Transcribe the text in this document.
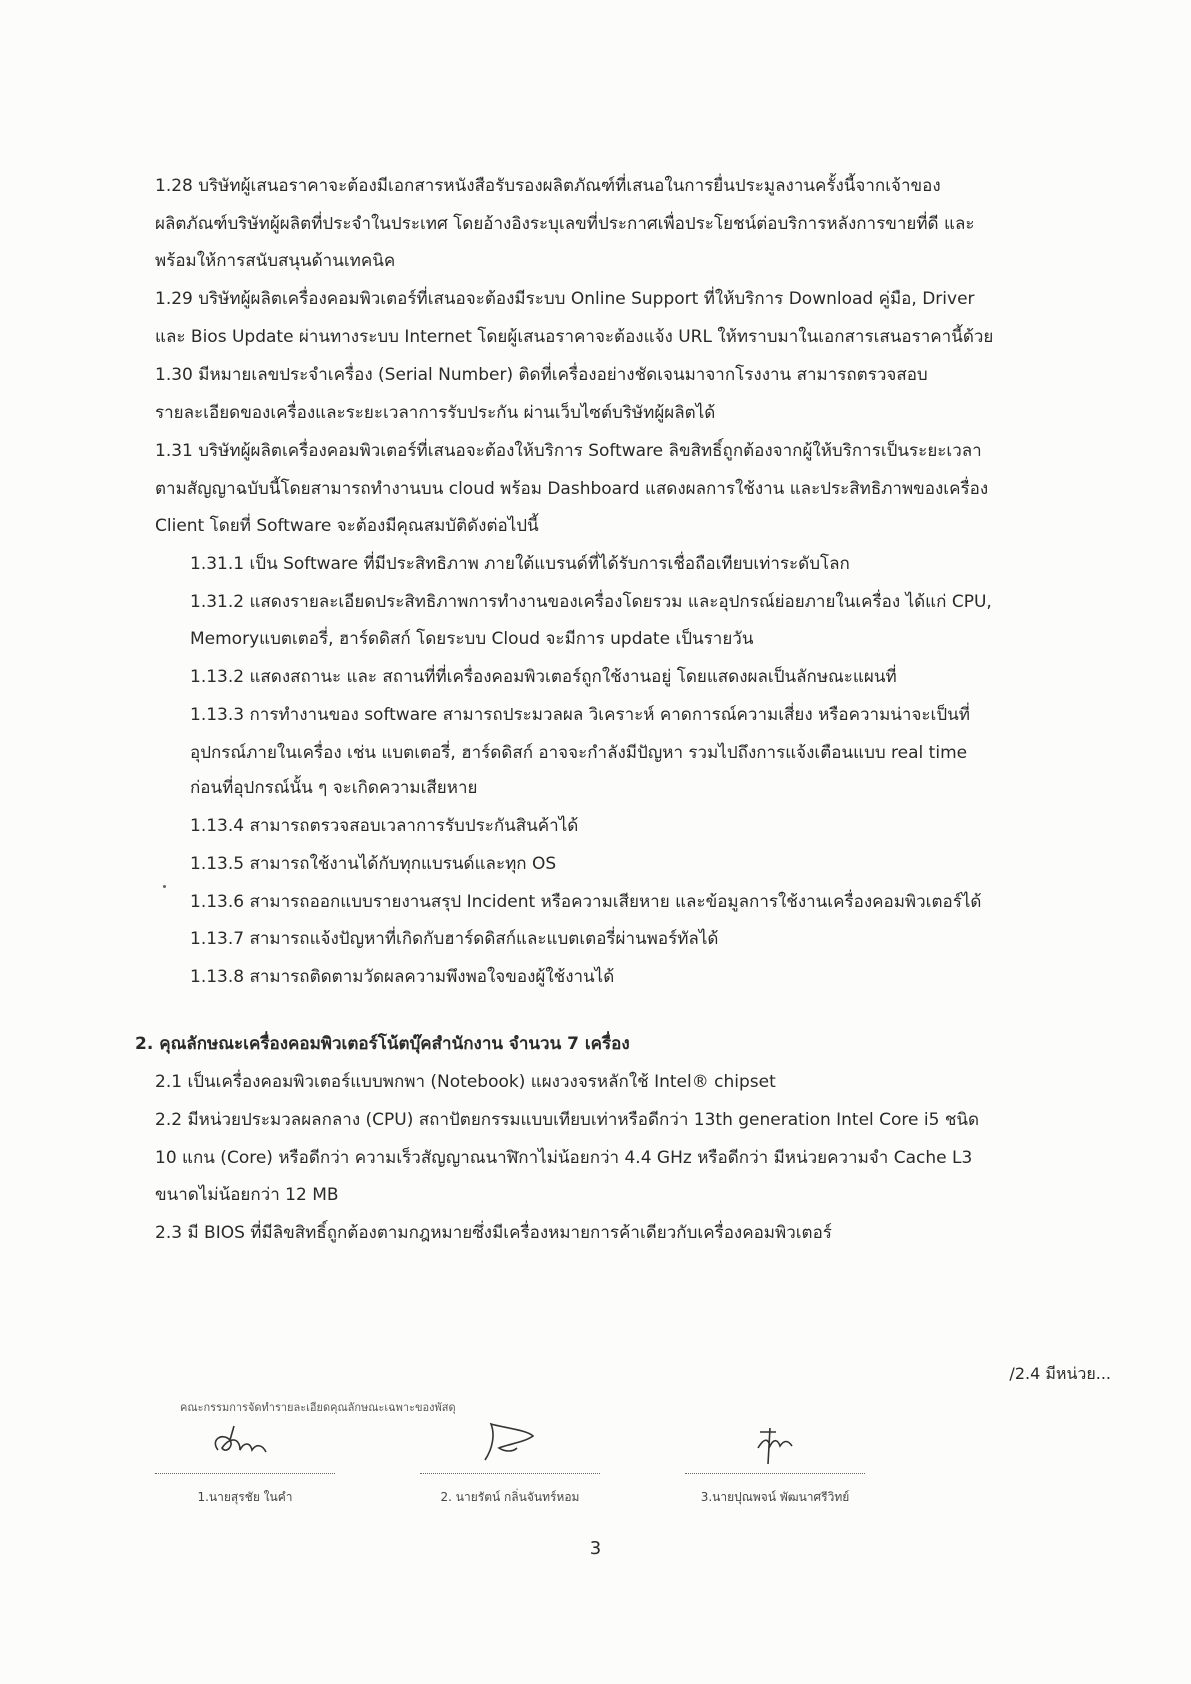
1.28 บริษัทผู้เสนอราคาจะต้องมีเอกสารหนังสือรับรองผลิตภัณฑ์ที่เสนอในการยื่นประมูลงานครั้งนี้จากเจ้าของ

ผลิตภัณฑ์บริษัทผู้ผลิตที่ประจำในประเทศ โดยอ้างอิงระบุเลขที่ประกาศเพื่อประโยชน์ต่อบริการหลังการขายที่ดี และ

พร้อมให้การสนับสนุนด้านเทคนิค

1.29 บริษัทผู้ผลิตเครื่องคอมพิวเตอร์ที่เสนอจะต้องมีระบบ Online Support ที่ให้บริการ Download คู่มือ, Driver

และ Bios Update ผ่านทางระบบ Internet โดยผู้เสนอราคาจะต้องแจ้ง URL ให้ทราบมาในเอกสารเสนอราคานี้ด้วย

1.30 มีหมายเลขประจำเครื่อง (Serial Number) ติดที่เครื่องอย่างชัดเจนมาจากโรงงาน สามารถตรวจสอบ

รายละเอียดของเครื่องและระยะเวลาการรับประกัน ผ่านเว็บไซต์บริษัทผู้ผลิตได้

1.31 บริษัทผู้ผลิตเครื่องคอมพิวเตอร์ที่เสนอจะต้องให้บริการ Software ลิขสิทธิ์ถูกต้องจากผู้ให้บริการเป็นระยะเวลา

ตามสัญญาฉบับนี้โดยสามารถทำงานบน cloud พร้อม Dashboard แสดงผลการใช้งาน และประสิทธิภาพของเครื่อง

Client โดยที่ Software จะต้องมีคุณสมบัติดังต่อไปนี้

1.31.1 เป็น Software ที่มีประสิทธิภาพ ภายใต้แบรนด์ที่ได้รับการเชื่อถือเทียบเท่าระดับโลก

1.31.2 แสดงรายละเอียดประสิทธิภาพการทำงานของเครื่องโดยรวม และอุปกรณ์ย่อยภายในเครื่อง ได้แก่ CPU,

Memoryแบตเตอรี่, ฮาร์ดดิสก์ โดยระบบ Cloud จะมีการ update เป็นรายวัน

1.13.2 แสดงสถานะ และ สถานที่ที่เครื่องคอมพิวเตอร์ถูกใช้งานอยู่ โดยแสดงผลเป็นลักษณะแผนที่

1.13.3 การทำงานของ software สามารถประมวลผล วิเคราะห์ คาดการณ์ความเสี่ยง หรือความน่าจะเป็นที่

อุปกรณ์ภายในเครื่อง เช่น แบตเตอรี่, ฮาร์ดดิสก์ อาจจะกำลังมีปัญหา รวมไปถึงการแจ้งเตือนแบบ real time

ก่อนที่อุปกรณ์นั้น ๆ จะเกิดความเสียหาย

1.13.4 สามารถตรวจสอบเวลาการรับประกันสินค้าได้

1.13.5 สามารถใช้งานได้กับทุกแบรนด์และทุก OS

1.13.6 สามารถออกแบบรายงานสรุป Incident หรือความเสียหาย และข้อมูลการใช้งานเครื่องคอมพิวเตอร์ได้

1.13.7 สามารถแจ้งปัญหาที่เกิดกับฮาร์ดดิสก์และแบตเตอรี่ผ่านพอร์ทัลได้

1.13.8 สามารถติดตามวัดผลความพึงพอใจของผู้ใช้งานได้

2. คุณลักษณะเครื่องคอมพิวเตอร์โน้ตบุ๊คสำนักงาน จำนวน 7 เครื่อง

2.1 เป็นเครื่องคอมพิวเตอร์แบบพกพา (Notebook) แผงวงจรหลักใช้ Intel® chipset

2.2 มีหน่วยประมวลผลกลาง (CPU) สถาปัตยกรรมแบบเทียบเท่าหรือดีกว่า 13th generation Intel Core i5 ชนิด

10 แกน (Core) หรือดีกว่า ความเร็วสัญญาณนาฬิกาไม่น้อยกว่า 4.4 GHz หรือดีกว่า มีหน่วยความจำ Cache L3

ขนาดไม่น้อยกว่า 12 MB

2.3 มี BIOS ที่มีลิขสิทธิ์ถูกต้องตามกฎหมายซึ่งมีเครื่องหมายการค้าเดียวกับเครื่องคอมพิวเตอร์

/2.4 มีหน่วย...

คณะกรรมการจัดทำรายละเอียดคุณลักษณะเฉพาะของพัสดุ

1.นายสุรชัย ในคำ	2. นายรัตน์ กลิ่นจันทร์หอม	3.นายปุณพจน์ พัฒนาศรีวิทย์

3
